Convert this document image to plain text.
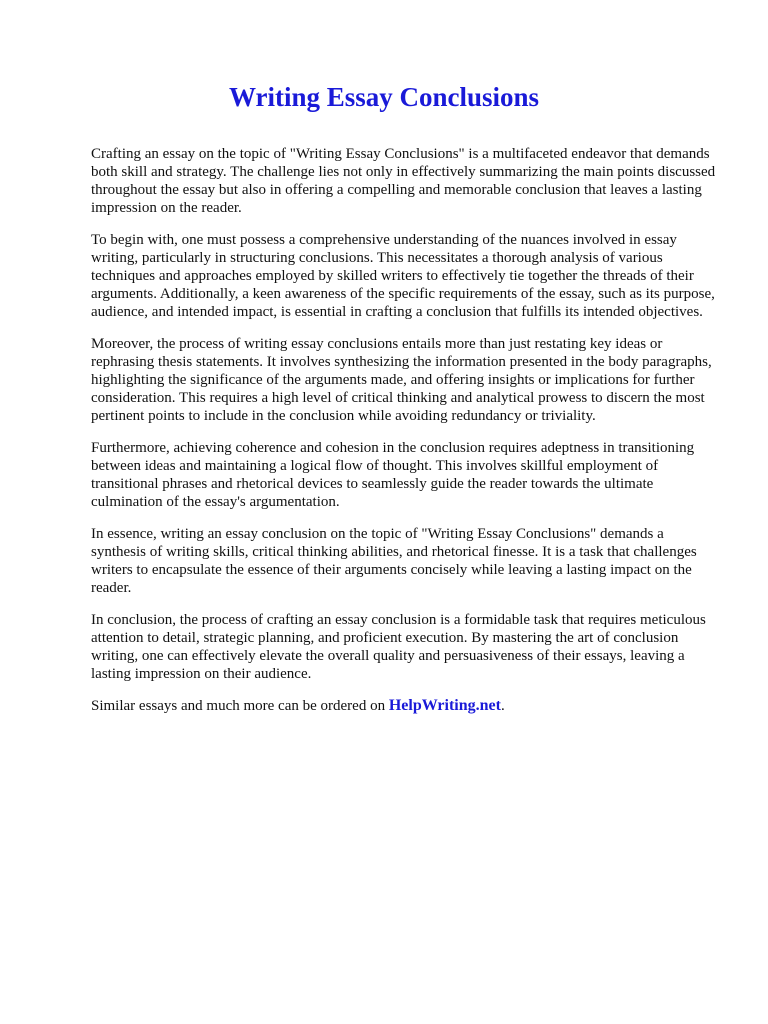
Writing Essay Conclusions

Crafting an essay on the topic of "Writing Essay Conclusions" is a multifaceted endeavor that demands both skill and strategy. The challenge lies not only in effectively summarizing the main points discussed throughout the essay but also in offering a compelling and memorable conclusion that leaves a lasting impression on the reader.

To begin with, one must possess a comprehensive understanding of the nuances involved in essay writing, particularly in structuring conclusions. This necessitates a thorough analysis of various techniques and approaches employed by skilled writers to effectively tie together the threads of their arguments. Additionally, a keen awareness of the specific requirements of the essay, such as its purpose, audience, and intended impact, is essential in crafting a conclusion that fulfills its intended objectives.

Moreover, the process of writing essay conclusions entails more than just restating key ideas or rephrasing thesis statements. It involves synthesizing the information presented in the body paragraphs, highlighting the significance of the arguments made, and offering insights or implications for further consideration. This requires a high level of critical thinking and analytical prowess to discern the most pertinent points to include in the conclusion while avoiding redundancy or triviality.

Furthermore, achieving coherence and cohesion in the conclusion requires adeptness in transitioning between ideas and maintaining a logical flow of thought. This involves skillful employment of transitional phrases and rhetorical devices to seamlessly guide the reader towards the ultimate culmination of the essay's argumentation.

In essence, writing an essay conclusion on the topic of "Writing Essay Conclusions" demands a synthesis of writing skills, critical thinking abilities, and rhetorical finesse. It is a task that challenges writers to encapsulate the essence of their arguments concisely while leaving a lasting impact on the reader.

In conclusion, the process of crafting an essay conclusion is a formidable task that requires meticulous attention to detail, strategic planning, and proficient execution. By mastering the art of conclusion writing, one can effectively elevate the overall quality and persuasiveness of their essays, leaving a lasting impression on their audience.

Similar essays and much more can be ordered on HelpWriting.net.
